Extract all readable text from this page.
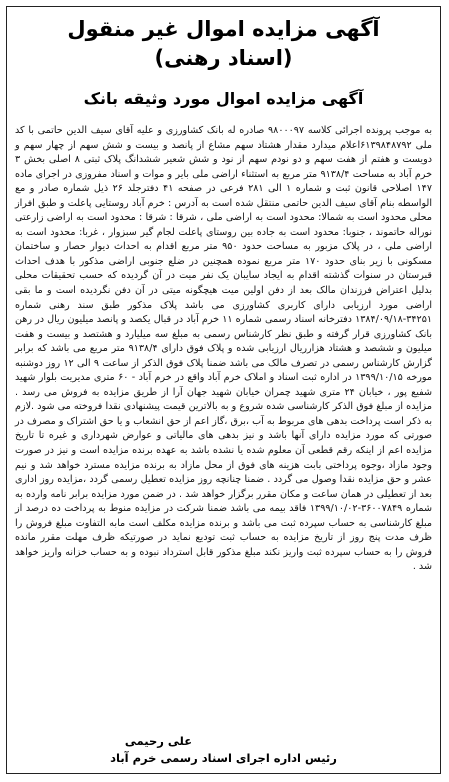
آگهی مزایده اموال غیر منقول
(اسناد رهنی)
آگهی مزایده اموال مورد وثیقه بانک
به موجب پرونده اجرائی کلاسه ۹۸۰۰۰۹۷ صادره له بانک کشاورزی و علیه آقای سیف الدین حاتمی با کد ملی ۶۱۳۹۸۴۸۷۹۲اعلام میدارد مقدار هشتاد سهم مشاع از پانصد و بیست و شش سهم از چهار سهم و دویست و هفتم از هفت سهم و دو نودم سهم از نود و شش شعیر ششدانگ پلاک ثبتی ۸ اصلی بخش ۳ خرم آباد به مساحت ۹۱۳۸/۴ متر مربع به استثناء اراضی ملی بایر و موات و اسناد مفروزی در اجرای ماده ۱۴۷ اصلاحی قانون ثبت و شماره ۱ الی ۲۸۱ فرعی در صفحه ۴۱ دفترجلد ۲۶ ذیل شماره صادر و مع الواسطه بنام آقای سیف الدین حاتمی منتقل شده است به آدرس : خرم آباد روستایی پاعلت و طبق افراز محلی محدود است به شمالا: محدود است به اراضی ملی ، شرقا : شرقا : محدود است به اراضی زارعتی نوراله حاتموند ، جنوبا: محدود است به جاده بین روستای پاعلت لجام گیر سبزوار ، غربا: محدود است به اراضی ملی ، در پلاک مزبور به مساحت حدود ۹۵۰ متر مربع اقدام به احداث دیوار حصار و ساختمان مسکونی با زیر بنای حدود ۱۷۰ متر مربع نموده همچنین در ضلع جنوبی اراضی مذکور با هدف احداث قبرستان در سنوات گذشته اقدام به ایجاد سایبان یک نفر میت در آن گردیده که حسب تحقیقات محلی بدلیل اعتراض فرزندان مالک بعد از دفن اولین میت هیچگونه میتی در آن دفن نگردیده است و ما بقی اراضی مورد ارزیابی دارای کاربری کشاورزی می باشد پلاک مذکور طبق سند رهنی شماره ۳۴۲۵۱-۱۳۸۴/۰۹/۱۸ دفترخانه اسناد رسمی شماره ۱۱ خرم آباد در قبال یکصد و پانصد میلیون ریال در رهن بانک کشاورزی قرار گرفته و طبق نظر کارشناس رسمی به مبلغ سه میلیارد و هشتصد و بیست و هفت میلیون و ششصد و هشتاد هزارریال ارزیابی شده و پلاک فوق دارای ۹۱۳۸/۴ متر مربع می باشد که برابر گزارش کارشناس رسمی در تصرف مالک می باشد ضمنا پلاک فوق الذکر از ساعت ۹ الی ۱۲ روز دوشنبه مورخه ۱۳۹۹/۱۰/۱۵ در اداره ثبت اسناد و املاک خرم آباد واقع در خرم آباد - ۶۰ متری مدیریت بلوار شهید شفیع پور ، خیابان ۲۴ متری شهید چمران خیابان شهید جهان آرا از طریق مزایده به فروش می رسد . مزایده از مبلغ فوق الذکر کارشناسی شده شروع و به بالاترین قیمت پیشنهادی نقدا فروخته می شود .لازم به ذکر است پرداخت بدهی های مربوط به آب ،برق ،گاز اعم از حق انشعاب و یا حق اشتراک و مصرف در صورتی که مورد مزایده دارای آنها باشد و نیز بدهی های مالیاتی و عوارض شهرداری و غیره تا تاریخ مزایده اعم از اینکه رقم قطعی آن معلوم شده یا نشده باشد به عهده برنده مزایده است و نیز در صورت وجود مازاد ،وجوه پرداختی بابت هزینه های فوق از محل مازاد به برنده مزایده مسترد خواهد شد و نیم عشر و حق مزایده نقدا وصول می گردد . ضمنا چنانچه روز مزایده تعطیل رسمی گردد ،مزایده روز اداری بعد از تعطیلی در همان ساعت و مکان مقرر برگزار خواهد شد . در ضمن مورد مزایده برابر نامه وارده به شماره ۳۶۰۰۷۸۴۹-۱۳۹۹/۱۰/۰۲ فاقد بیمه می باشد ضمنا شرکت در مزایده منوط به پرداخت ده درصد از مبلغ کارشناسی به حساب سپرده ثبت می باشد و برنده مزایده مکلف است مابه التفاوت مبلغ فروش را ظرف مدت پنج روز از تاریخ مزایده به حساب ثبت تودیع نماید در صورتیکه ظرف مهلت مقرر مانده فروش را به حساب سپرده ثبت واریز نکند مبلغ مذکور قابل استرداد نبوده و به حساب خزانه واریز خواهد شد .
علی رحیمی
رئیس اداره اجرای اسناد رسمی خرم آباد
